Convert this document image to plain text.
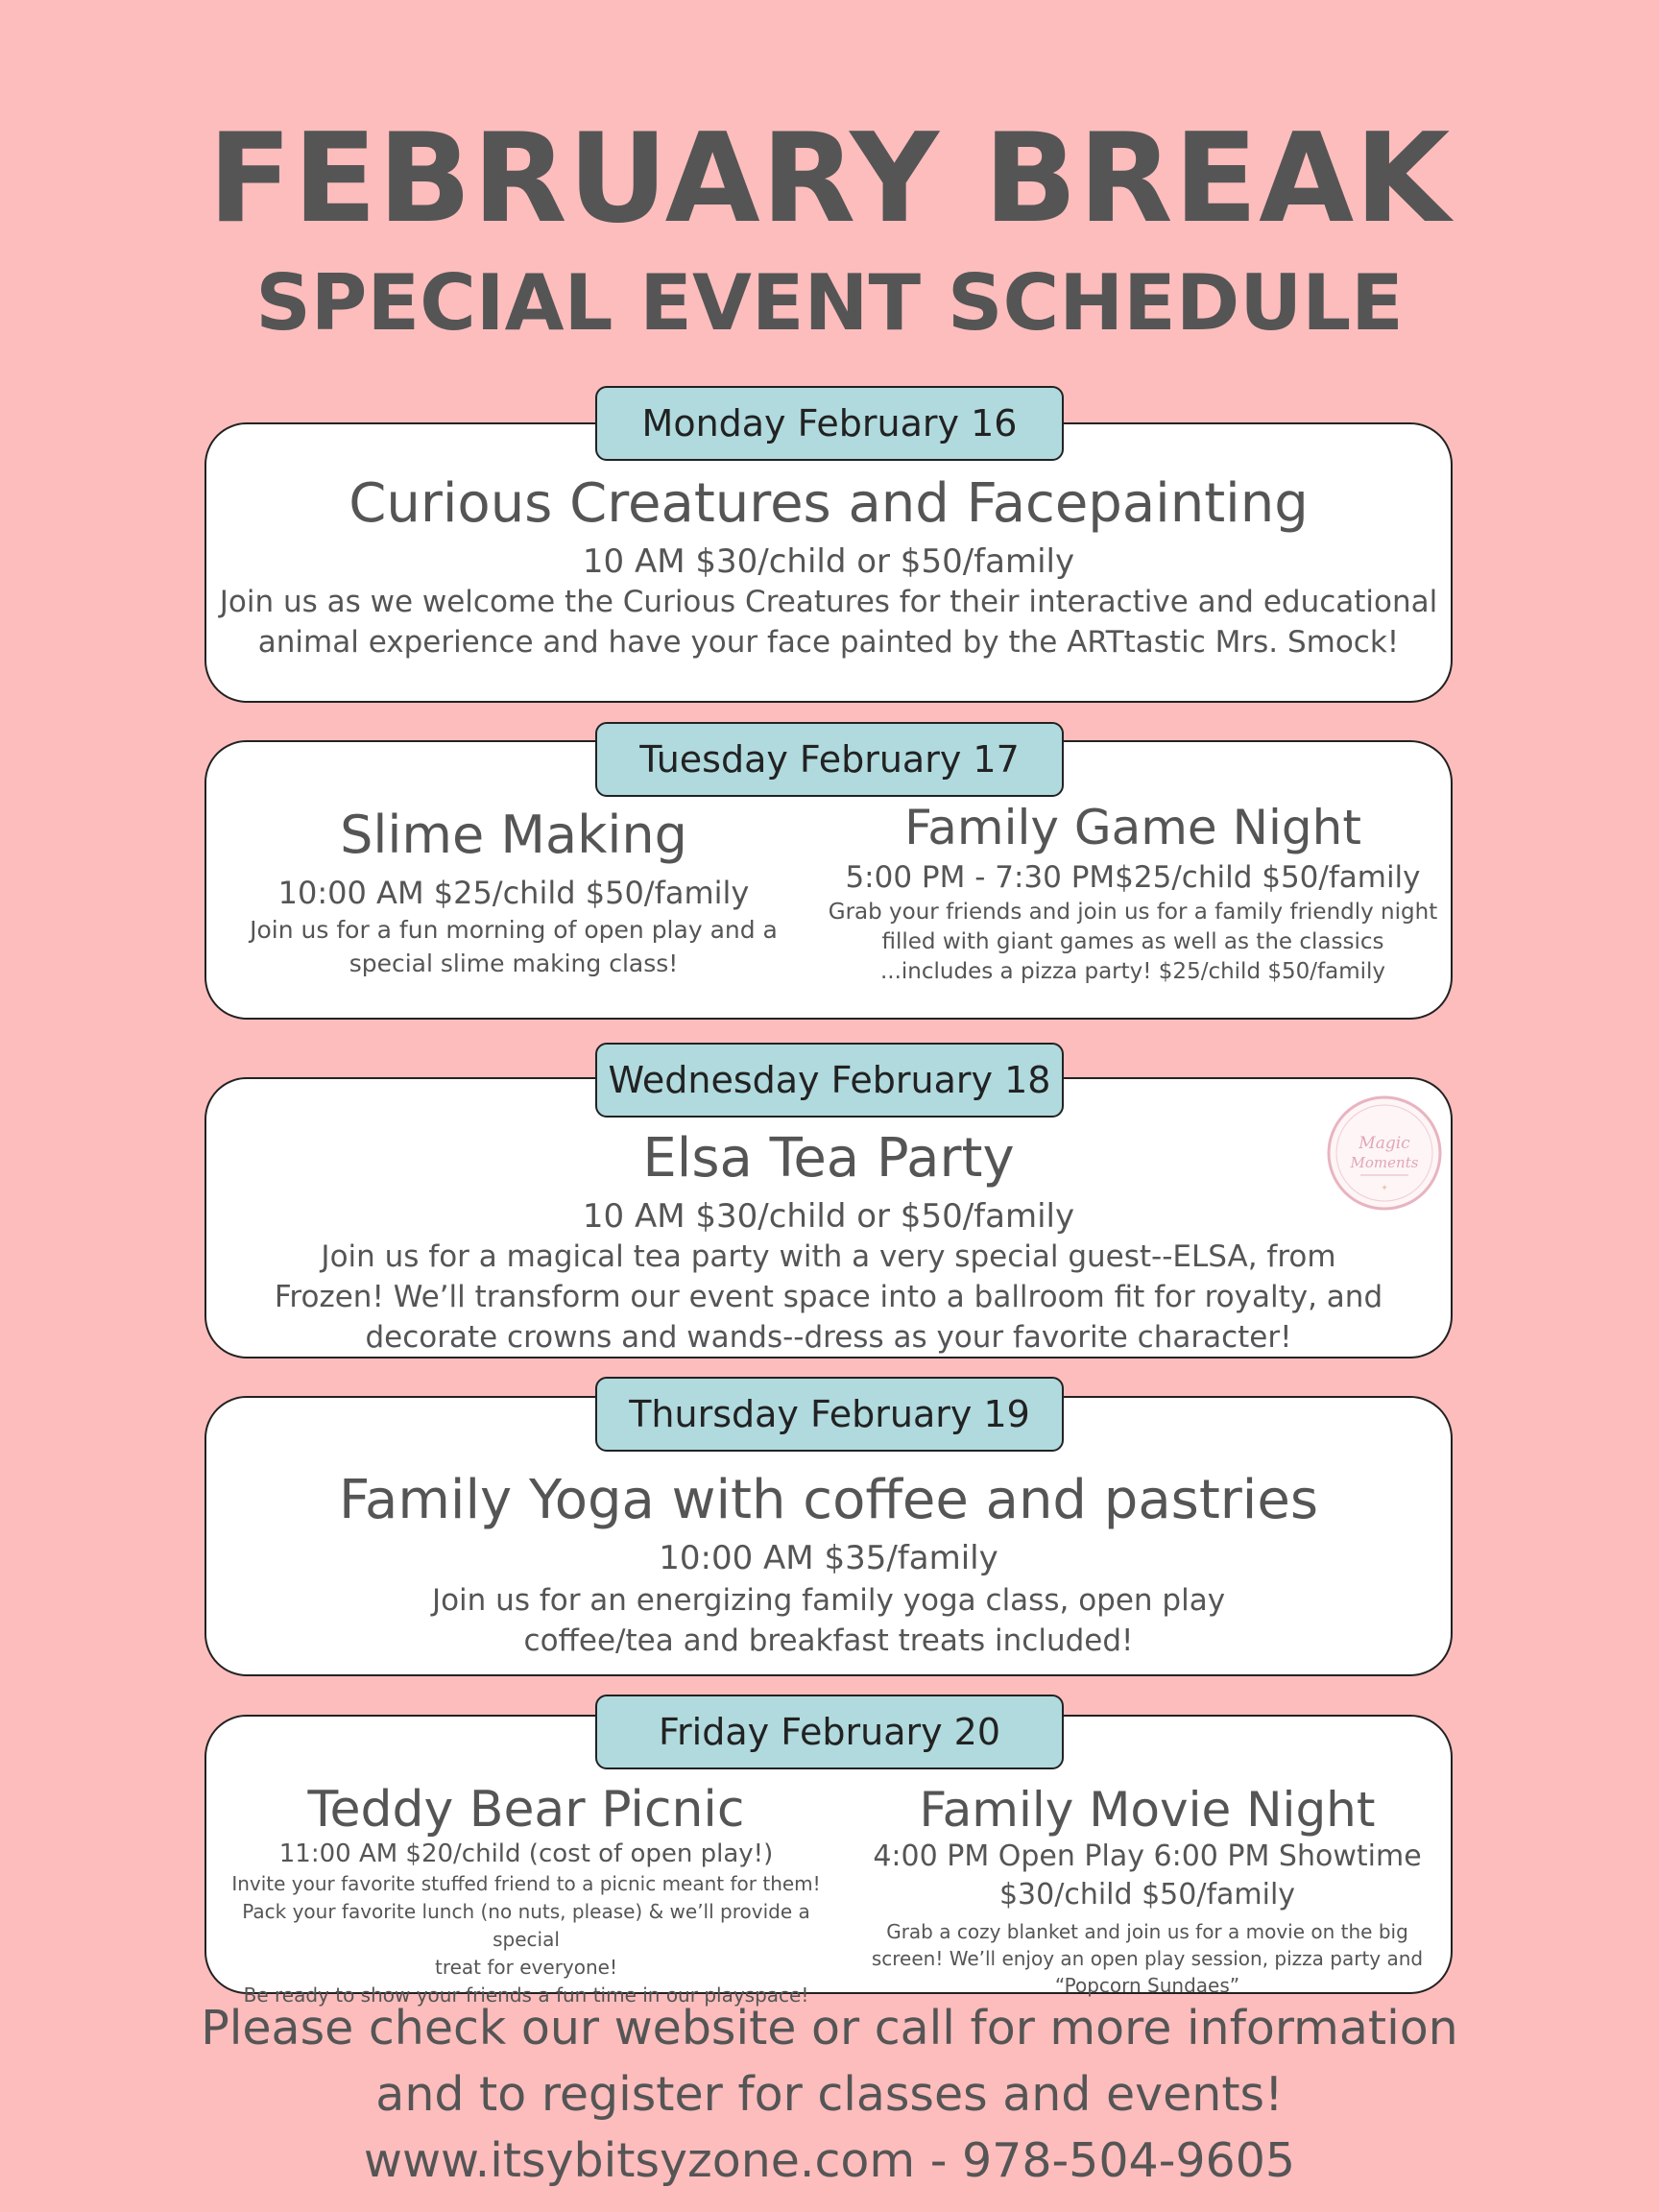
FEBRUARY BREAK
SPECIAL EVENT SCHEDULE
Monday February 16
Curious Creatures and Facepainting
10 AM $30/child or $50/family
Join us as we welcome the Curious Creatures for their interactive and educational
animal experience and have your face painted by the ARTtastic Mrs. Smock!
Tuesday February 17
Slime Making
10:00 AM $25/child $50/family
Join us for a fun morning of open play and a
special slime making class!
Family Game Night
5:00 PM - 7:30 PM$25/child $50/family
Grab your friends and join us for a family friendly night
filled with giant games as well as the classics
...includes a pizza party! $25/child $50/family
Wednesday February 18
Elsa Tea Party
10 AM $30/child or $50/family
Join us for a magical tea party with a very special guest--ELSA, from
Frozen! We’ll transform our event space into a ballroom fit for royalty, and
decorate crowns and wands--dress as your favorite character!
Magic
Moments
✦
Thursday February 19
Family Yoga with coffee and pastries
10:00 AM $35/family
Join us for an energizing family yoga class, open play
coffee/tea and breakfast treats included!
Friday February 20
Teddy Bear Picnic
11:00 AM $20/child (cost of open play!)
Invite your favorite stuffed friend to a picnic meant for them!
Pack your favorite lunch (no nuts, please) & we’ll provide a special
treat for everyone!
Be ready to show your friends a fun time in our playspace!
Family Movie Night
4:00 PM Open Play 6:00 PM Showtime
$30/child $50/family
Grab a cozy blanket and join us for a movie on the big
screen! We’ll enjoy an open play session, pizza party and
“Popcorn Sundaes”
Please check our website or call for more information
and to register for classes and events!
www.itsybitsyzone.com - 978-504-9605
